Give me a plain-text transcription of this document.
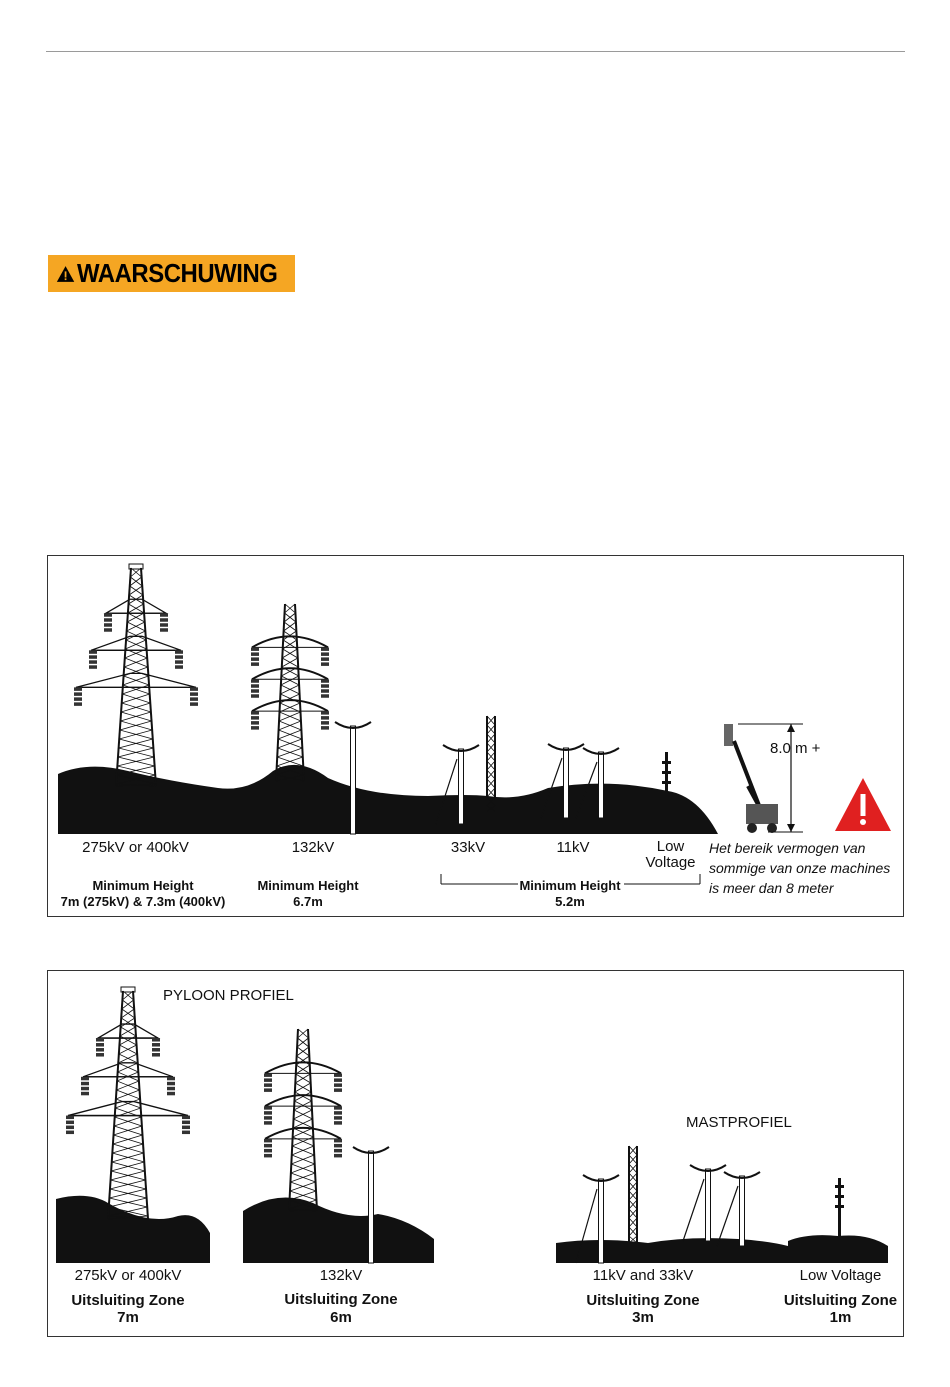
WAARSCHUWING
275kV or 400kV	132kV	33kV	11kV	Low
Voltage
Minimum Height
7m (275kV) & 7.3m (400kV)
Minimum Height
6.7m
Minimum Height
5.2m
8.0 m +
Het bereik vermogen van
sommige van onze machines
is meer dan 8 meter
PYLOON PROFIEL
MASTPROFIEL
275kV or 400kV
Uitsluiting Zone
7m
132kV
Uitsluiting Zone
6m
11kV and 33kV
Uitsluiting Zone
3m
Low Voltage
Uitsluiting Zone
1m
